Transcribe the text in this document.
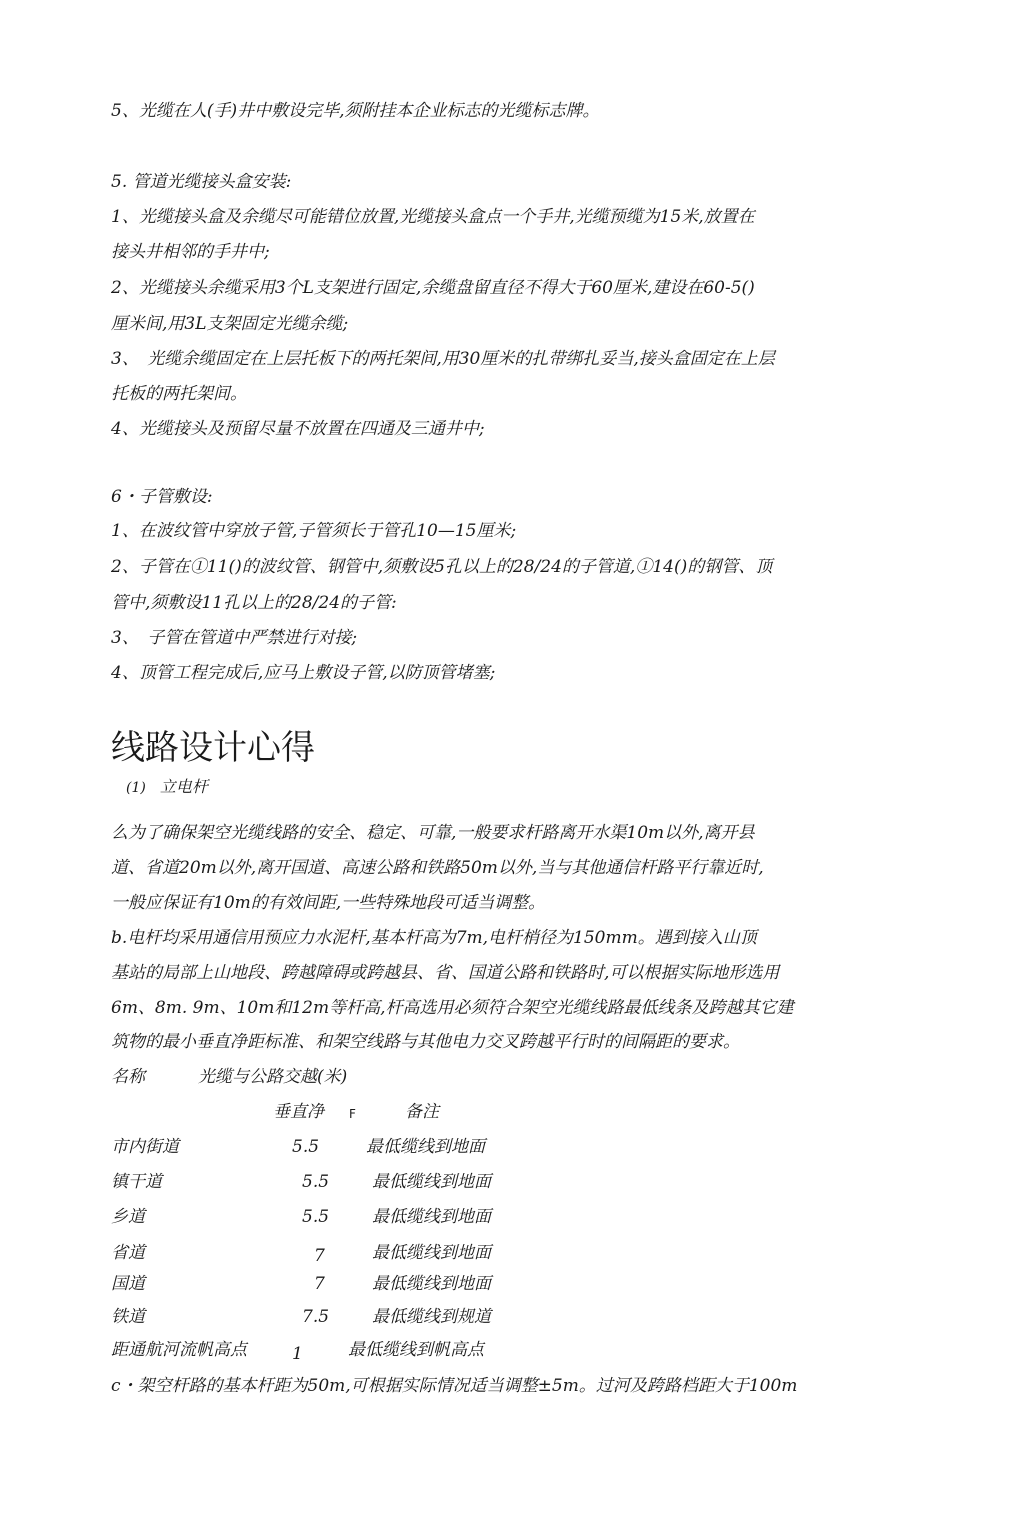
5、光缆在人(手)井中敷设完毕,须附挂本企业标志的光缆标志牌。
5. 管道光缆接头盒安装:
1、光缆接头盒及余缆尽可能错位放置,光缆接头盒点一个手井,光缆预缆为15米,放置在
接头井相邻的手井中;
2、光缆接头余缆采用3个L支架进行固定,余缆盘留直径不得大于60厘米,建设在60-5()
厘米间,用3L支架固定光缆余缆;
3、　光缆余缆固定在上层托板下的两托架间,用30厘米的扎带绑扎妥当,接头盒固定在上层
托板的两托架间。
4、光缆接头及预留尽量不放置在四通及三通井中;
6・子管敷设:
1、在波纹管中穿放子管,子管须长于管孔10—15厘米;
2、子管在①11()的波纹管、钢管中,须敷设5孔以上的28/24的子管道,①14()的钢管、顶
管中,须敷设11孔以上的28/24的子管:
3、　子管在管道中严禁进行对接;
4、顶管工程完成后,应马上敷设子管,以防顶管堵塞;
线路设计心得
(1) 立电杆
么为了确保架空光缆线路的安全、稳定、可靠,一般要求杆路离开水渠10m以外,离开县
道、省道20m以外,离开国道、高速公路和铁路50m以外,当与其他通信杆路平行靠近时,
一般应保证有10m的有效间距,一些特殊地段可适当调整。
b.电杆均采用通信用预应力水泥杆,基本杆高为7m,电杆梢径为150mm。遇到接入山顶
基站的局部上山地段、跨越障碍或跨越县、省、国道公路和铁路时,可以根据实际地形选用
6m、8m. 9m、10m和12m等杆高,杆高选用必须符合架空光缆线路最低线条及跨越其它建
筑物的最小垂直净距标准、和架空线路与其他电力交叉跨越平行时的间隔距的要求。
名称	光缆与公路交越(米)
垂直净 F	备注
市内街道	5.5	最低缆线到地面
镇干道	5.5	最低缆线到地面
乡道	5.5	最低缆线到地面
省道	7	最低缆线到地面
国道	7	最低缆线到地面
铁道	7.5	最低缆线到规道
距通航河流帆高点	1	最低缆线到帆高点
c・架空杆路的基本杆距为50m,可根据实际情况适当调整±5m。过河及跨路档距大于100m
